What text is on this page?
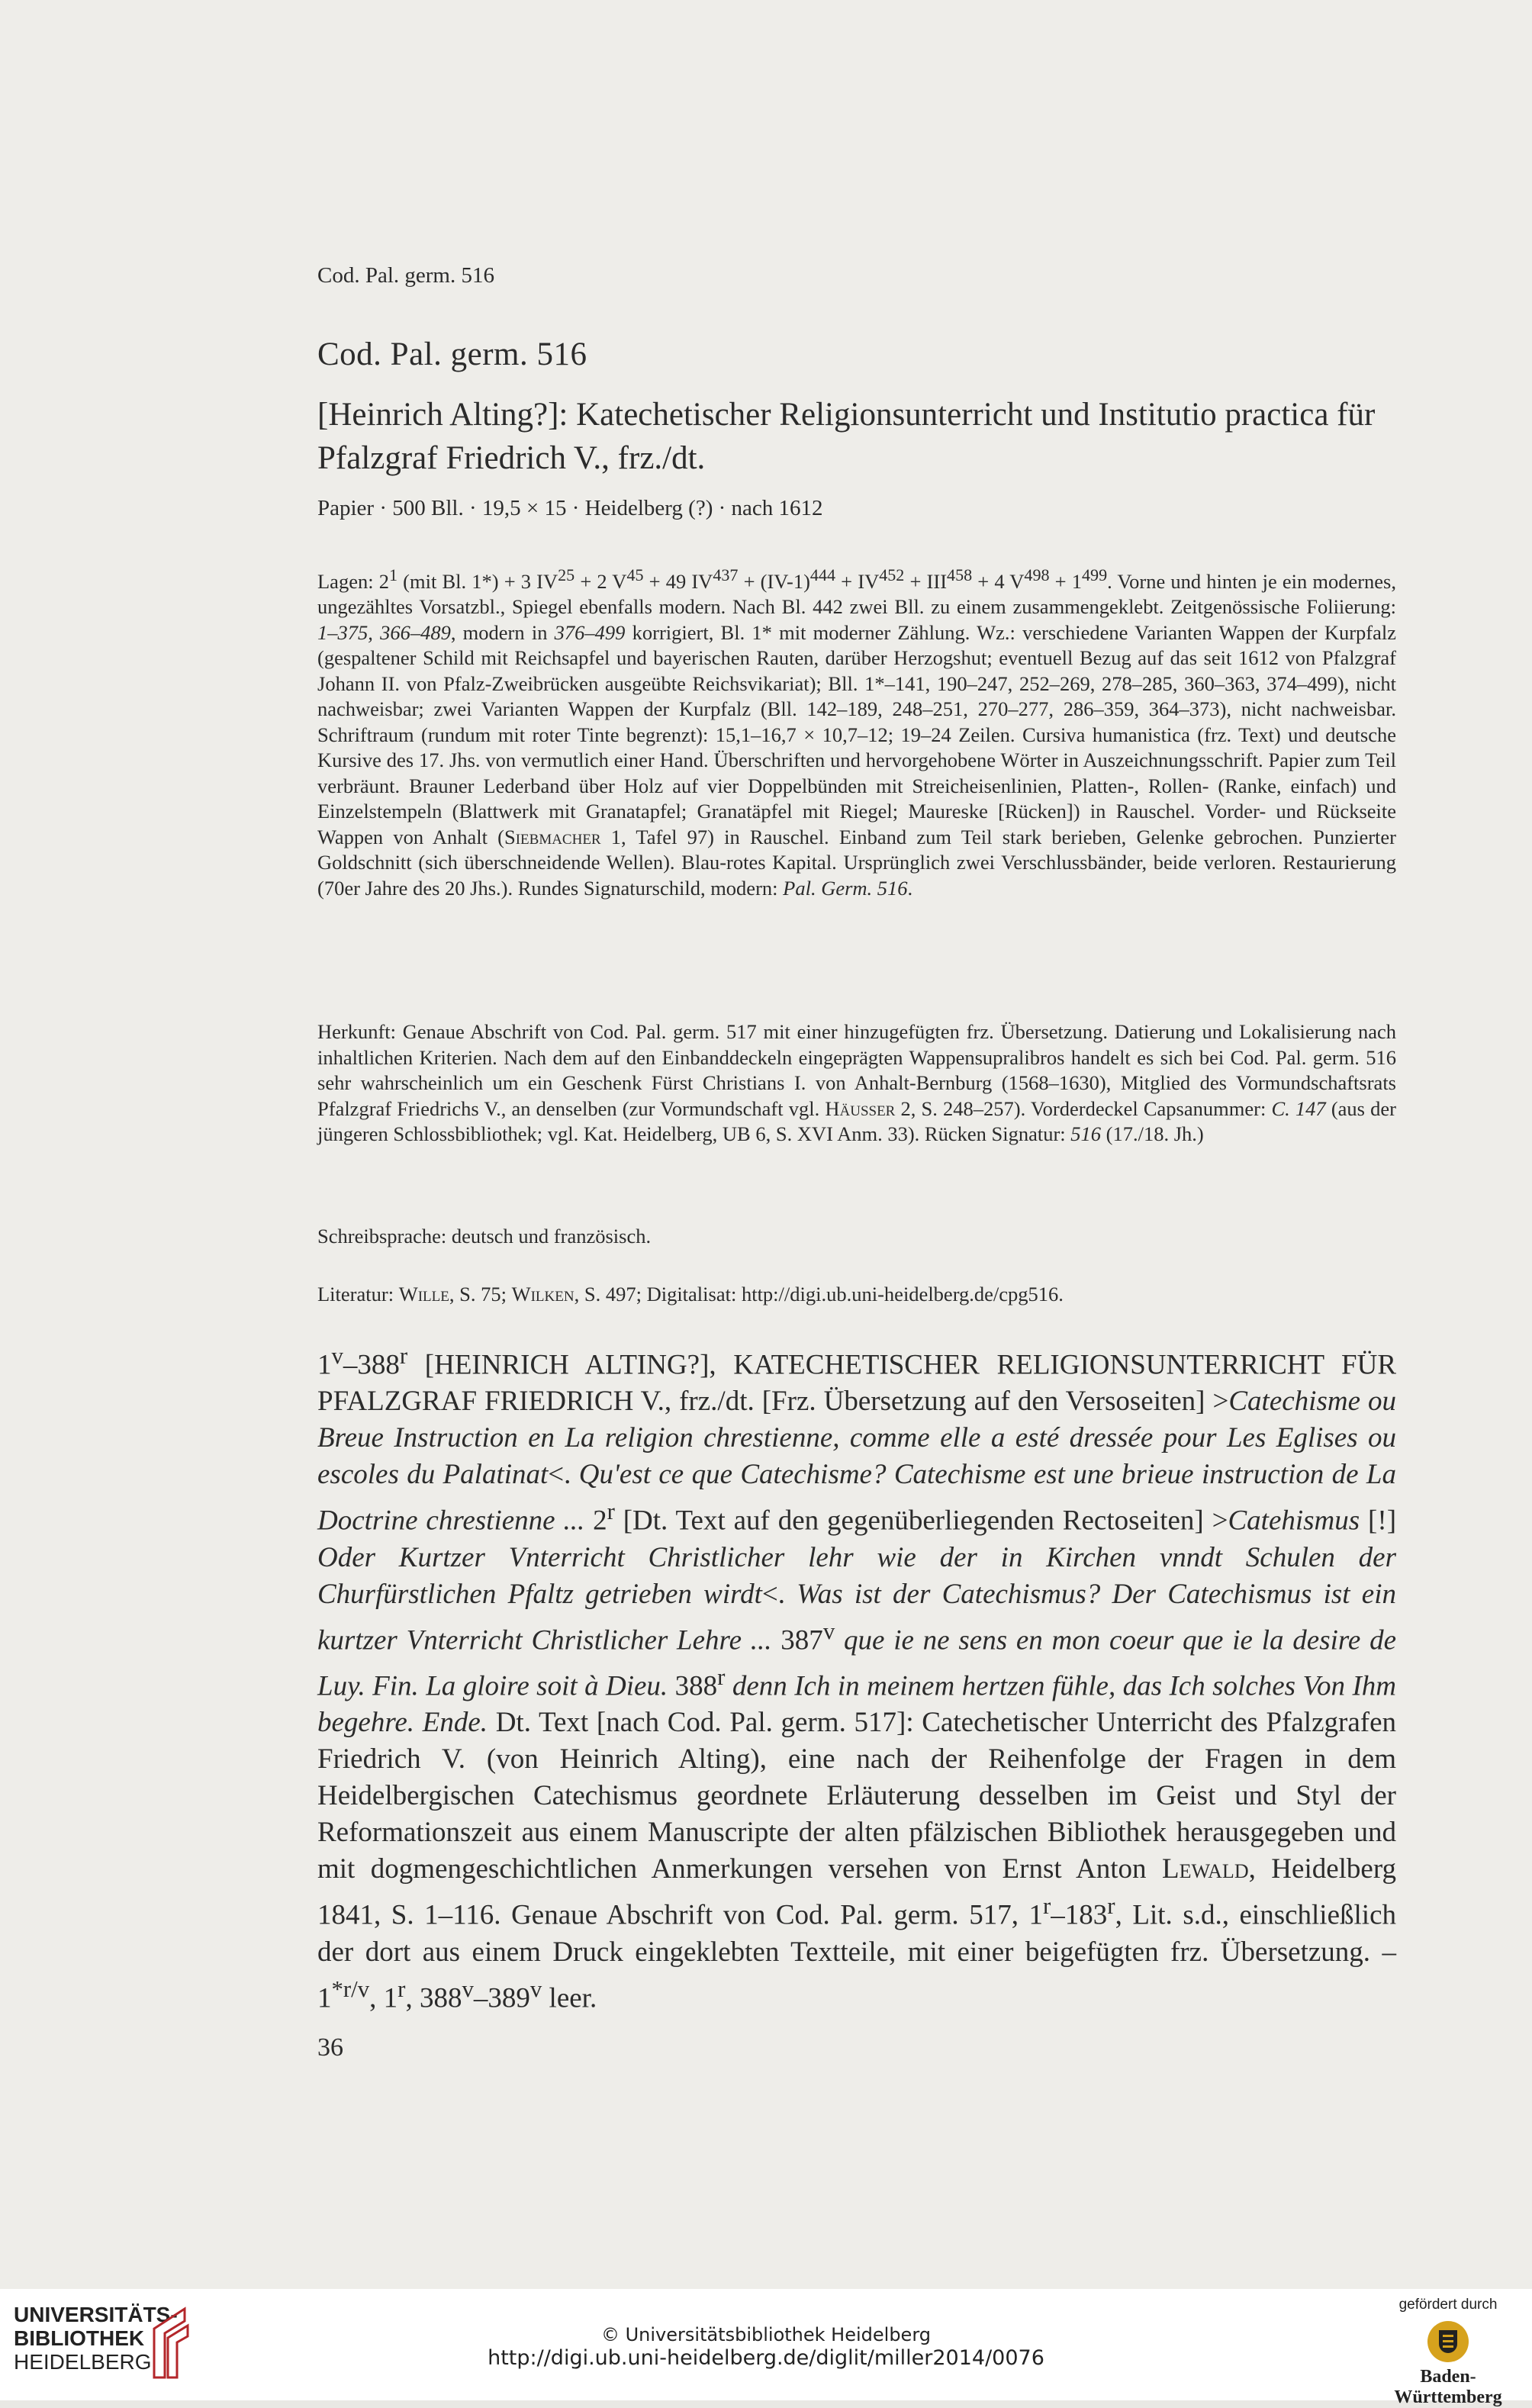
Cod. Pal. germ. 516
Cod. Pal. germ. 516
[Heinrich Alting?]: Katechetischer Religionsunterricht und Institutio practica für Pfalzgraf Friedrich V., frz./dt.
Papier · 500 Bll. · 19,5 × 15 · Heidelberg (?) · nach 1612

Lagen: $2^1$ (mit Bl. 1*) + 3 $IV^{25} + 2$ $V^{45} + 49$ $IV^{437} + (IV-1)^{444} + IV^{452} + III^{458} + 4$ $V^{498} + 1^{499}$. Vorne und hinten je ein modernes, ungezähltes Vorsatzbl., Spiegel ebenfalls modern. Nach Bl. 442 zwei Bll. zu einem zusammengeklebt. Zeitgenössische Foliierung: 1–375, 366–489, modern in 376–499 korrigiert, Bl. 1* mit moderner Zählung. Wz.: verschiedene Varianten Wappen der Kurpfalz (gespaltener Schild mit Reichsapfel und bayerischen Rauten, darüber Herzogshut; eventuell Bezug auf das seit 1612 von Pfalzgraf Johann II. von Pfalz-Zweibrücken ausgeübte Reichsvikariat); Bll. 1*–141, 190–247, 252–269, 278–285, 360–363, 374–499), nicht nachweisbar; zwei Varianten Wappen der Kurpfalz (Bll. 142–189, 248–251, 270–277, 286–359, 364–373), nicht nachweisbar. Schriftraum (rundum mit roter Tinte begrenzt): 15,1–16,7 × 10,7–12; 19–24 Zeilen. Cursiva humanistica (frz. Text) und deutsche Kursive des 17. Jhs. von vermutlich einer Hand. Überschriften und hervorgehobene Wörter in Auszeichnungsschrift. Papier zum Teil verbräunt. Brauner Lederband über Holz auf vier Doppelbünden mit Streicheisenlinien, Platten-, Rollen- (Ranke, einfach) und Einzelstempeln (Blattwerk mit Granatapfel; Granatäpfel mit Riegel; Maureske [Rücken]) in Rauschel. Vorder- und Rückseite Wappen von Anhalt (Siebmacher 1, Tafel 97) in Rauschel. Einband zum Teil stark berieben, Gelenke gebrochen. Punzierter Goldschnitt (sich überschneidende Wellen). Blau-rotes Kapital. Ursprünglich zwei Verschlussbänder, beide verloren. Restaurierung (70er Jahre des 20 Jhs.). Rundes Signaturschild, modern: Pal. Germ. 516.

Herkunft: Genaue Abschrift von Cod. Pal. germ. 517 mit einer hinzugefügten frz. Übersetzung. Datierung und Lokalisierung nach inhaltlichen Kriterien. Nach dem auf den Einbanddeckeln eingeprägten Wappensupralibros handelt es sich bei Cod. Pal. germ. 516 sehr wahrscheinlich um ein Geschenk Fürst Christians I. von Anhalt-Bernburg (1568–1630), Mitglied des Vormundschaftsrats Pfalzgraf Friedrichs V., an denselben (zur Vormundschaft vgl. Häusser 2, S. 248–257). Vorderdeckel Capsanummer: C. 147 (aus der jüngeren Schlossbibliothek; vgl. Kat. Heidelberg, UB 6, S. XVI Anm. 33). Rücken Signatur: 516 (17./18. Jh.)

Schreibsprache: deutsch und französisch.

Literatur: Wille, S. 75; Wilken, S. 497; Digitalisat: http://digi.ub.uni-heidelberg.de/cpg516.

1$^v$–388$^r$ [HEINRICH ALTING?], KATECHETISCHER RELIGIONSUNTERRICHT FÜR PFALZGRAF FRIEDRICH V., frz./dt. [Frz. Übersetzung auf den Versoseiten] >Catechisme ou Breue Instruction en La religion chrestienne, comme elle a esté dressée pour Les Eglises ou escoles du Palatinat<. Qu'est ce que Catechisme? Catechisme est une brieue instruction de La Doctrine chrestienne ... 2$^r$ [Dt. Text auf den gegenüberliegenden Rectoseiten] >Catehismus [!] Oder Kurtzer Vnterricht Christlicher lehr wie der in Kirchen vnndt Schulen der Churfürstlichen Pfaltz getrieben wirdt<. Was ist der Catechismus? Der Catechismus ist ein kurtzer Vnterricht Christlicher Lehre ... 387$^v$ que ie ne sens en mon coeur que ie la desire de Luy. Fin. La gloire soit à Dieu. 388$^r$ denn Ich in meinem hertzen fühle, das Ich solches Von Ihm begehre. Ende. Dt. Text [nach Cod. Pal. germ. 517]: Catechetischer Unterricht des Pfalzgrafen Friedrich V. (von Heinrich Alting), eine nach der Reihenfolge der Fragen in dem Heidelbergischen Catechismus geordnete Erläuterung desselben im Geist und Styl der Reformationszeit aus einem Manuscripte der alten pfälzischen Bibliothek herausgegeben und mit dogmengeschichtlichen Anmerkungen versehen von Ernst Anton Lewald, Heidelberg 1841, S. 1–116. Genaue Abschrift von Cod. Pal. germ. 517, 1$^r$–183$^r$, Lit. s.d., einschließlich der dort aus einem Druck eingeklebten Textteile, mit einer beigefügten frz. Übersetzung. – $1^{*r/v}$, 1$^r$, 388$^v$–389$^v$ leer.

36
UNIVERSITÄTS-
BIBLIOTHEK
HEIDELBERG
© Universitätsbibliothek Heidelberg
http://digi.ub.uni-heidelberg.de/diglit/miller2014/0076
gefördert durch
Baden-Württemberg
